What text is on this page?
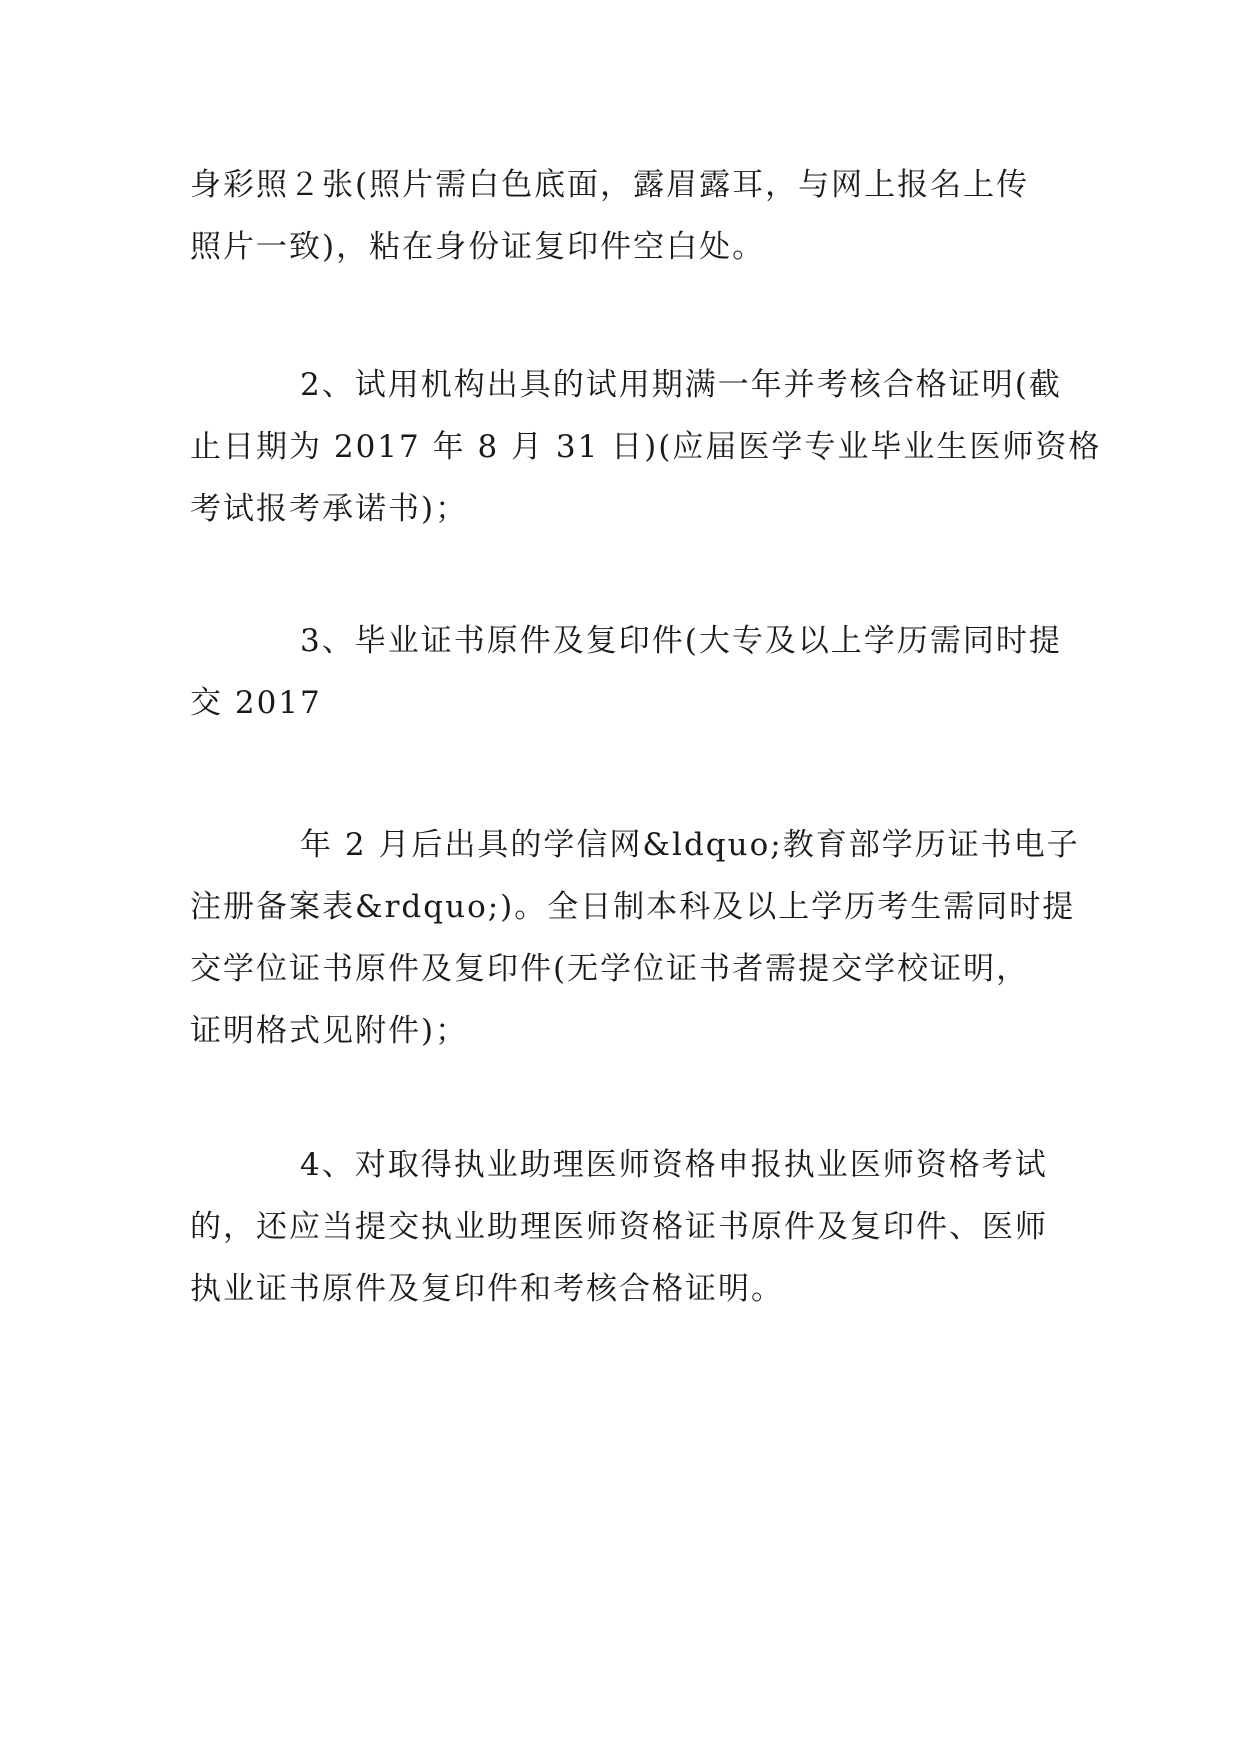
身彩照２张(照片需白色底面，露眉露耳，与网上报名上传
照片一致)，粘在身份证复印件空白处。

2、试用机构出具的试用期满一年并考核合格证明(截
止日期为 2017 年 8 月 31 日)(应届医学专业毕业生医师资格
考试报考承诺书)；

3、毕业证书原件及复印件(大专及以上学历需同时提
交 2017

年 2 月后出具的学信网&ldquo;教育部学历证书电子
注册备案表&rdquo;)。全日制本科及以上学历考生需同时提
交学位证书原件及复印件(无学位证书者需提交学校证明，
证明格式见附件)；

4、对取得执业助理医师资格申报执业医师资格考试
的，还应当提交执业助理医师资格证书原件及复印件、医师
执业证书原件及复印件和考核合格证明。
